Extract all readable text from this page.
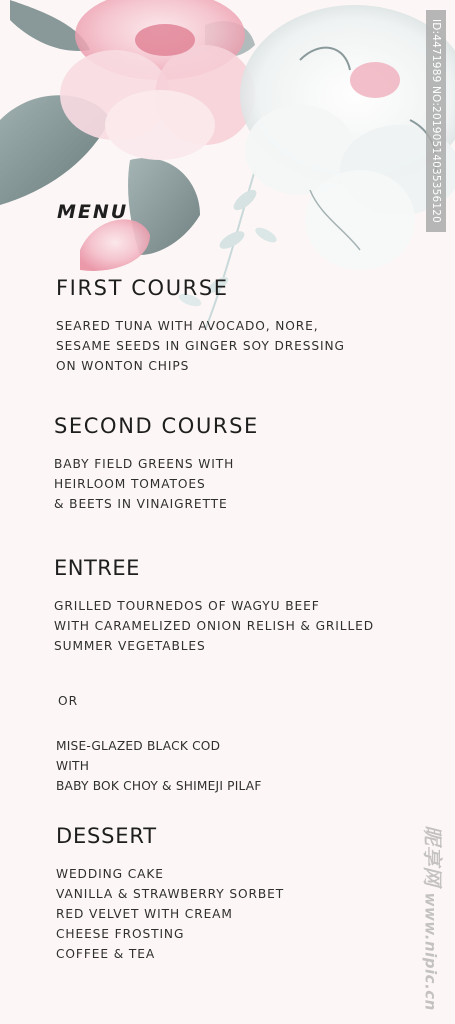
MENU
FIRST COURSE
SEARED TUNA WITH AVOCADO, NORE,
SESAME SEEDS IN GINGER SOY DRESSING
ON WONTON CHIPS
SECOND COURSE
BABY FIELD GREENS WITH
HEIRLOOM TOMATOES
& BEETS IN VINAIGRETTE
ENTREE
GRILLED TOURNEDOS OF WAGYU BEEF
WITH CARAMELIZED ONION RELISH & GRILLED
SUMMER VEGETABLES
OR
MISE-GLAZED BLACK COD
WITH
BABY BOK CHOY & SHIMEJI PILAF
DESSERT
WEDDING CAKE
VANILLA & STRAWBERRY SORBET
RED VELVET WITH CREAM
CHEESE FROSTING
COFFEE & TEA
ID:4471989 NO:20190514035356120
昵享网www.nipic.cn
